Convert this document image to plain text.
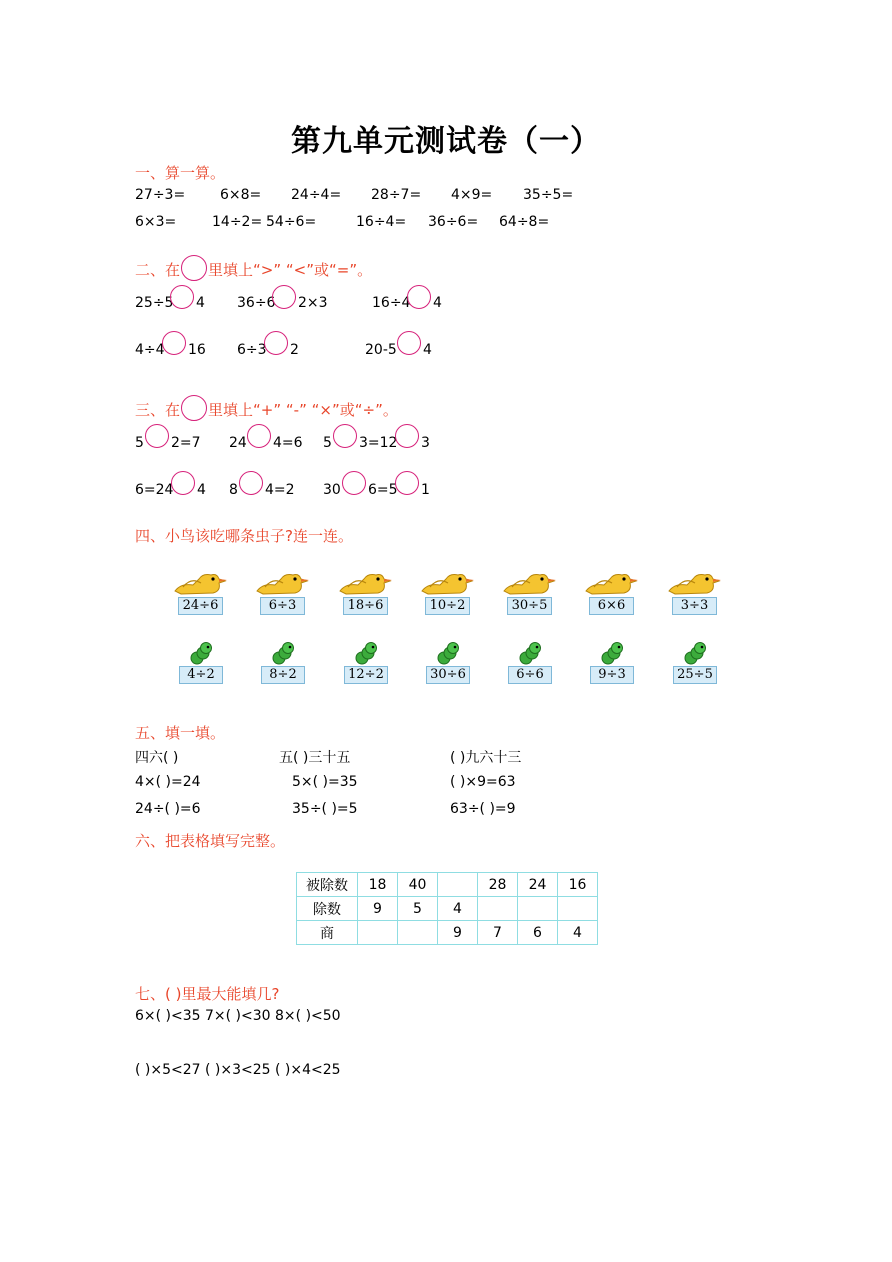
第九单元测试卷（一）
一、算一算。
27÷3= 6×8= 24÷4= 28÷7= 4×9= 35÷5=
6×3=	14÷2= 54÷6=	16÷4= 36÷6= 64÷8=
二、在 里填上“>” “<”或“=”。
25÷5 4 36÷6 2×3	16÷4 4
4÷4 16 6÷3 2	20-5 4
三、在 里填上“+” “-” “×”或“÷”。
5 2=7 24 4=6 5 3=12 3
6=24 4 8 4=2 30 6=5 1
四、小鸟该吃哪条虫子?连一连。
24÷6	6÷3	18÷6	10÷2	30÷5	6×6	3÷3
4÷2	8÷2	12÷2	30÷6	6÷6	9÷3	25÷5
五、填一填。
四六( )	五( )三十五	( )九六十三
4×( )=24	5×( )=35	( )×9=63
24÷( )=6	35÷( )=5	63÷( )=9
六、把表格填写完整。
被除数	18	40		28	24	16
除数	9	5	4			
商			9	7	6	4
七、( )里最大能填几?
6×( )<35 7×( )<30 8×( )<50
( )×5<27 ( )×3<25 ( )×4<25
